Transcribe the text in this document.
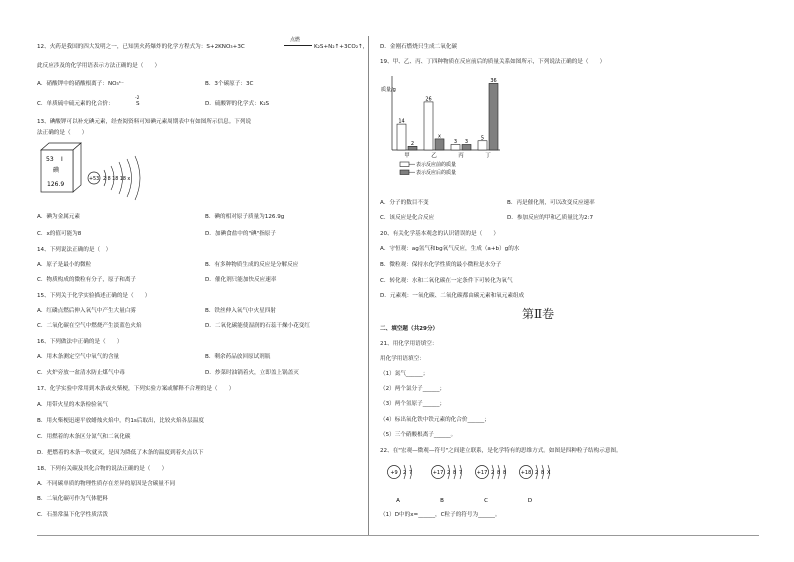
12、火药是我国的四大发明之一，已知黑火药爆炸的化学方程式为：S+2KNO₃+3C
点燃
K₂S+N₂↑+3CO₂↑，
此反应涉及的化学用语表示方法正确的是（　　）
A．硝酸钾中的硝酸根离子：NO₃¹⁻	B．3个碳原子：3C
C．单质硫中硫元素的化合价：
-2
S	D．硫酸钾的化学式：K₂S
13、碘酸钾可以补充碘元素，经查阅资料可知碘元素周期表中有如图所示信息。下列说
法正确的是（　　）
53 I
碘
126.9
+53 2 8 18 18 x
A．碘为金属元素	B．碘的相对原子质量为126.9g
C．x的值可能为8	D．加碘食盐中的"碘"指原子
14、下列说法正确的是（　）
A．原子是最小的微粒	B．有多种物质生成的反应是分解反应
C．物质构成的微粒有分子，原子和离子	D．催化剂只能加快反应速率
15、下列关于化学实验描述正确的是（　　）
A．红磷点燃后伸入氧气中产生大量白雾	B．铁丝伸入氧气中火星四射
C．二氧化碳在空气中燃烧产生淡蓝色火焰	D．二氧化碳能使湿润的石蕊干燥小花变红
16、下列做法中正确的是（　　）
A．用木条测定空气中氧气的含量	B．剩余药品放回原试剂瓶
C．火炉旁放一盆清水防止煤气中毒	D．炒菜时油锅着火，立即盖上锅盖灭
17、化学实验中常用到木条或火柴梗，下列实验方案或解释不合理的是（　　）
A．用带火星的木条检验氧气
B．用火柴梗迅速平放蜡烛火焰中，约1s后取出，比较火焰各层温度
C．用燃着的木条区分氮气和二氧化碳
D．把燃着的木条一吹就灭，是因为降低了木条的温度到着火点以下
18、下列有关碳及其化合物的说法正确的是（　　）
A．不同碳单质的物理性质存在差异的原因是含碳量不同
B．二氧化碳可作为气体肥料
C．石墨常温下化学性质活泼
D．金刚石燃烧只生成二氧化碳
19、甲、乙、丙、丁四种物质在反应前后的质量关系如图所示，下列说法正确的是（　　）
质量/g
甲	乙	丙	丁
14
2
26
x
3 3
5
36
表示反应前的质量
表示反应后的质量
A．分子的数目不变	B．丙是催化剂，可以改变反应速率
C．该反应是化合反应	D．参加反应的甲和乙质量比为2:7
20、有关化学基本观念的认识错误的是（　　）
A．守恒观：ag氢气和bg氧气反应，生成（a+b）g的水
B．微粒观：保持水化学性质的最小微粒是水分子
C．转化观：水和二氧化碳在一定条件下可转化为氧气
D．元素观：一氧化碳、二氧化碳都由碳元素和氧元素组成
第Ⅱ卷
二、填空题（共29分）
21、用化学用语填空：
用化学用语填空：
（1）氮气______；
（2）两个氯分子______；
（3）两个氢原子______；
（4）标出氧化铁中铁元素的化合价______；
（5）三个硝酸根离子______。
22、在"宏观—微观—符号"之间建立联系，是化学特有的思维方式。如图是四种粒子结构示意图。
+9 2 7
A
+17 2 8 7
B
+17 2 8 8
C
+18 2 8 X
D
（1）D中的x=______，C粒子的符号为______。
